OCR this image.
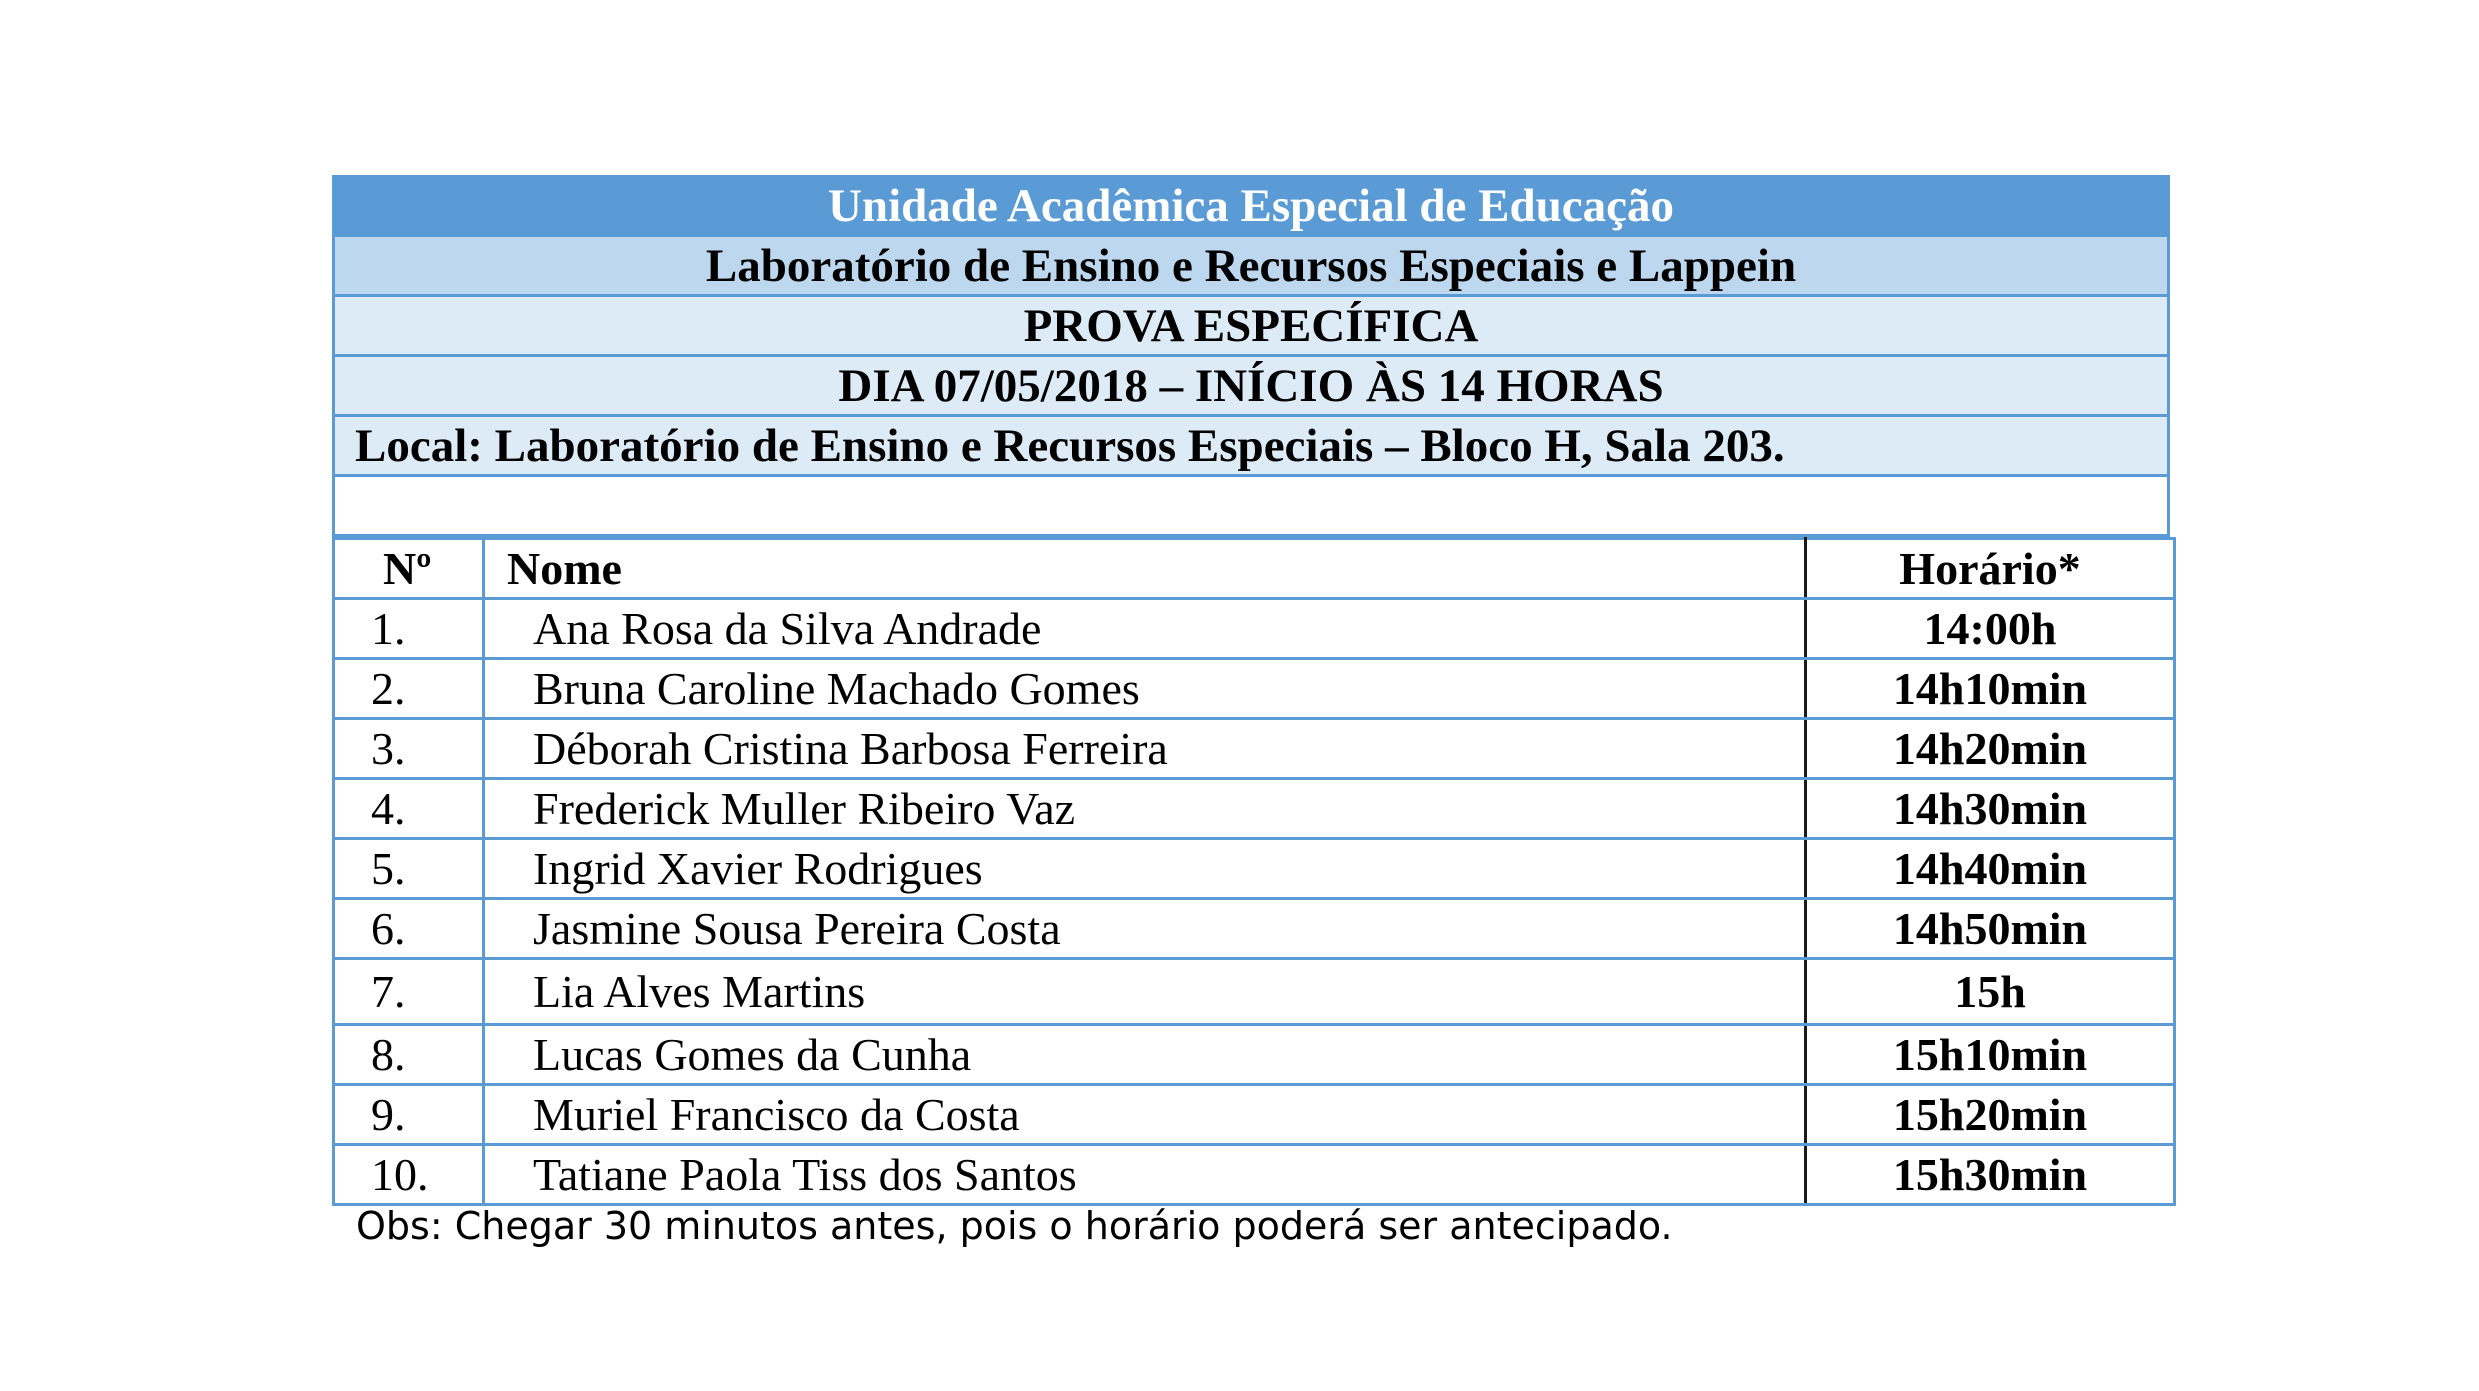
Unidade Acadêmica Especial de Educação
Laboratório de Ensino e Recursos Especiais e Lappein
PROVA ESPECÍFICA
DIA 07/05/2018 – INÍCIO ÀS 14 HORAS
Local: Laboratório de Ensino e Recursos Especiais – Bloco H, Sala 203.
Nº	Nome	Horário*
1.	Ana Rosa da Silva Andrade	14:00h
2.	Bruna Caroline Machado Gomes	14h10min
3.	Déborah Cristina Barbosa Ferreira	14h20min
4.	Frederick Muller Ribeiro Vaz	14h30min
5.	Ingrid Xavier Rodrigues	14h40min
6.	Jasmine Sousa Pereira Costa	14h50min
7.	Lia Alves Martins	15h
8.	Lucas Gomes da Cunha	15h10min
9.	Muriel Francisco da Costa	15h20min
10.	Tatiane Paola Tiss dos Santos	15h30min
Obs: Chegar 30 minutos antes, pois o horário poderá ser antecipado.
